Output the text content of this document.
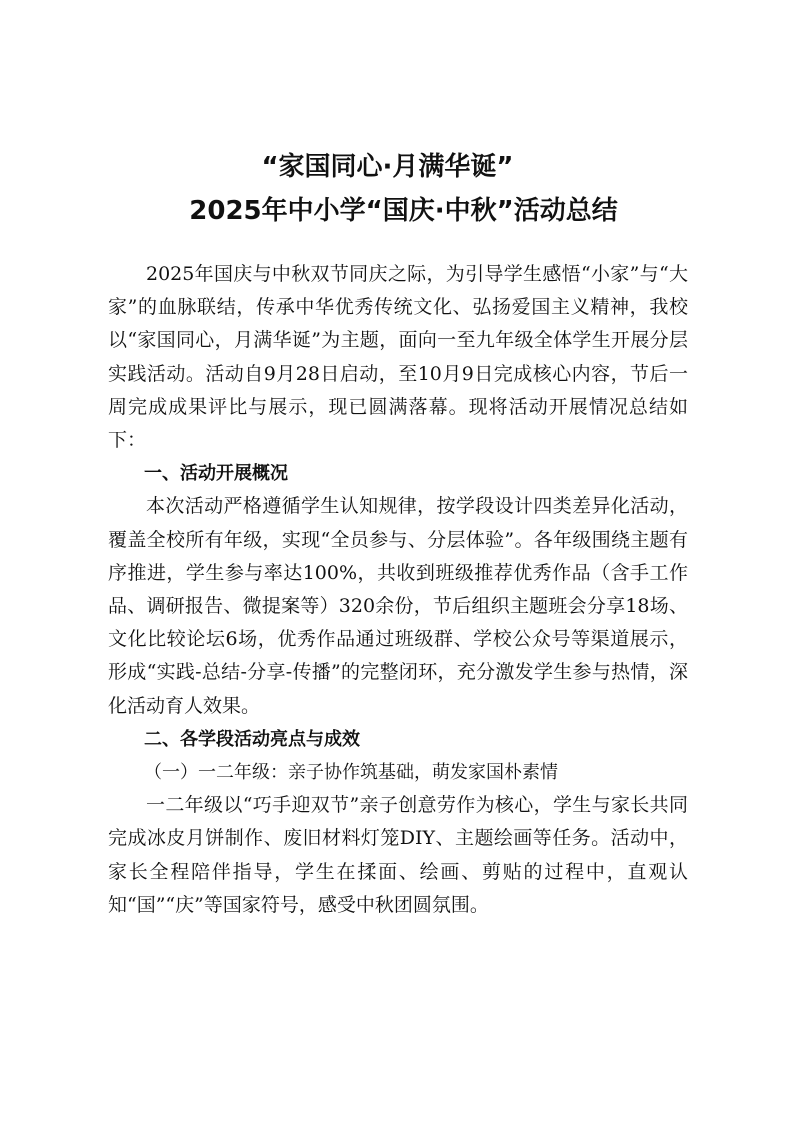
“家国同心·月满华诞”

2025年中小学“国庆·中秋”活动总结

2025年国庆与中秋双节同庆之际，为引导学生感悟“小家”与“大家”的血脉联结，传承中华优秀传统文化、弘扬爱国主义精神，我校以“家国同心，月满华诞”为主题，面向一至九年级全体学生开展分层实践活动。活动自9月28日启动，至10月9日完成核心内容，节后一周完成成果评比与展示，现已圆满落幕。现将活动开展情况总结如下：

一、活动开展概况

本次活动严格遵循学生认知规律，按学段设计四类差异化活动，覆盖全校所有年级，实现“全员参与、分层体验”。各年级围绕主题有序推进，学生参与率达100%，共收到班级推荐优秀作品（含手工作品、调研报告、微提案等）320余份，节后组织主题班会分享18场、文化比较论坛6场，优秀作品通过班级群、学校公众号等渠道展示，形成“实践-总结-分享-传播”的完整闭环，充分激发学生参与热情，深化活动育人效果。

二、各学段活动亮点与成效

（一）一二年级：亲子协作筑基础，萌发家国朴素情

一二年级以“巧手迎双节”亲子创意劳作为核心，学生与家长共同完成冰皮月饼制作、废旧材料灯笼DIY、主题绘画等任务。活动中，家长全程陪伴指导，学生在揉面、绘画、剪贴的过程中，直观认知“国”“庆”等国家符号，感受中秋团圆氛围。
